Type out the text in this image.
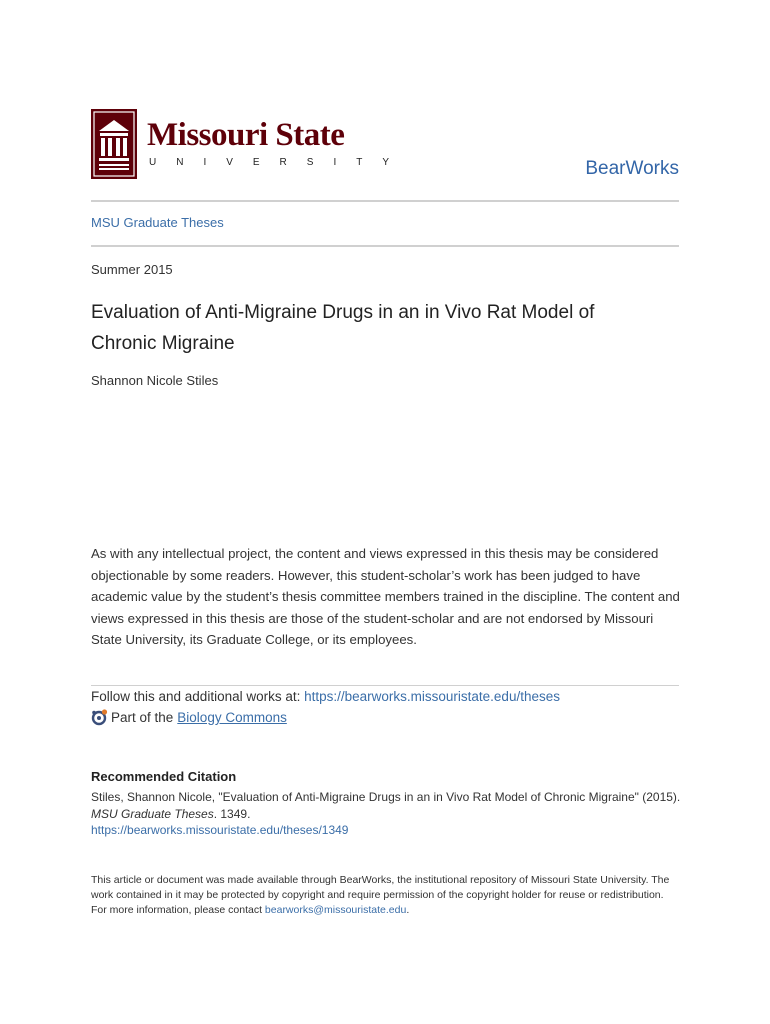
Missouri State
UNIVERSITY	BearWorks
MSU Graduate Theses
Summer 2015
Evaluation of Anti-Migraine Drugs in an in Vivo Rat Model of Chronic Migraine
Shannon Nicole Stiles

As with any intellectual project, the content and views expressed in this thesis may be considered objectionable by some readers. However, this student-scholar’s work has been judged to have academic value by the student’s thesis committee members trained in the discipline. The content and views expressed in this thesis are those of the student-scholar and are not endorsed by Missouri State University, its Graduate College, or its employees.

Follow this and additional works at: https://bearworks.missouristate.edu/theses
Part of the Biology Commons
Recommended Citation

Stiles, Shannon Nicole, "Evaluation of Anti-Migraine Drugs in an in Vivo Rat Model of Chronic Migraine" (2015). MSU Graduate Theses. 1349.
https://bearworks.missouristate.edu/theses/1349

This article or document was made available through BearWorks, the institutional repository of Missouri State University. The work contained in it may be protected by copyright and require permission of the copyright holder for reuse or redistribution.
For more information, please contact bearworks@missouristate.edu.
